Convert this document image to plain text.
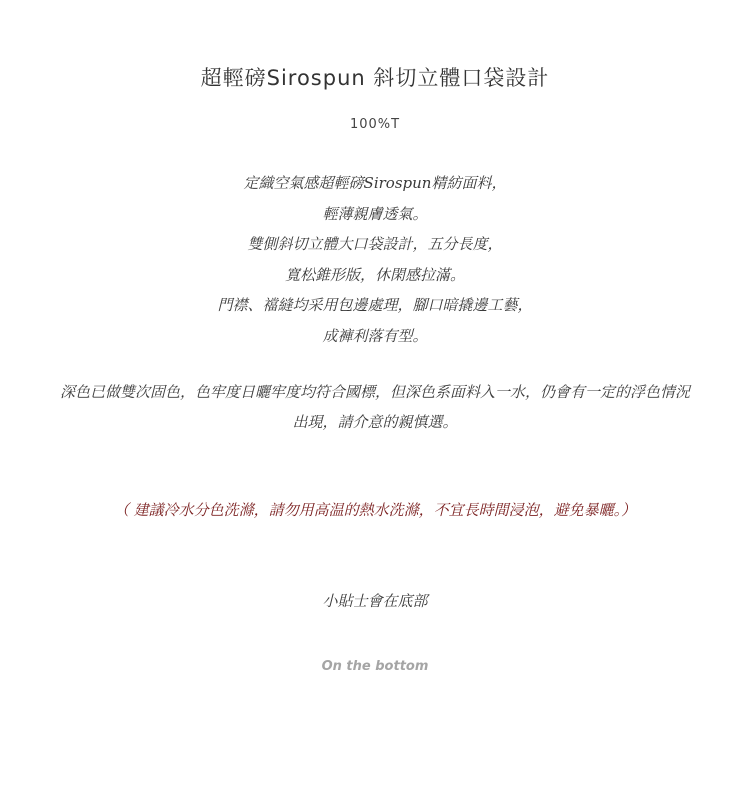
超輕磅Sirospun 斜切立體口袋設計
100%T
定織空氣感超輕磅Sirospun精紡面料，
輕薄親膚透氣。
雙側斜切立體大口袋設計，五分長度，
寬松錐形版，休閑感拉滿。
門襟、襠縫均采用包邊處理，腳口暗撬邊工藝，
成褲利落有型。
深色已做雙次固色，色牢度日曬牢度均符合國標，但深色系面料入一水，仍會有一定的浮色情況出現，請介意的親慎選。
（ 建議冷水分色洗滌，請勿用高温的熱水洗滌，不宜長時間浸泡，避免暴曬。）
小貼士會在底部
On the bottom
